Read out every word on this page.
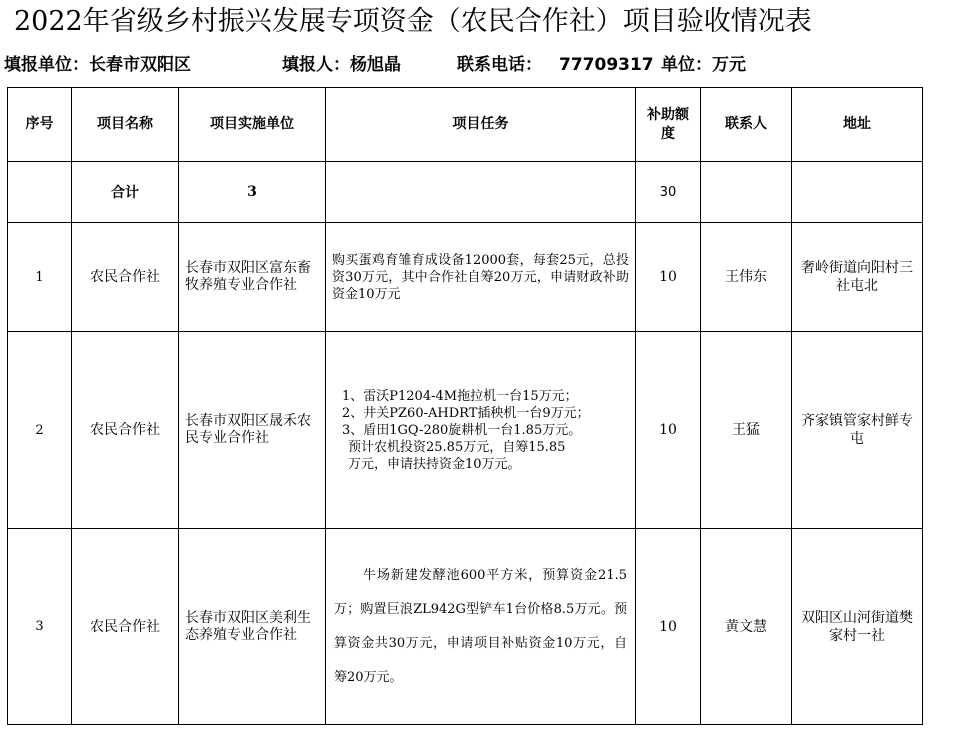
2022年省级乡村振兴发展专项资金（农民合作社）项目验收情况表
填报单位：长春市双阳区	填报人：杨旭晶	联系电话： 77709317 单位：万元
序号	项目名称	项目实施单位	项目任务	补助额度	联系人	地址
	合计	3		30		
1	农民合作社	长春市双阳区富东畜牧养殖专业合作社	购买蛋鸡育雏育成设备12000套，每套25元，总投资30万元，其中合作社自筹20万元，申请财政补助资金10万元	10	王伟东	奢岭街道向阳村三社屯北
2	农民合作社	长春市双阳区晟禾农民专业合作社	1、雷沃P1204-4M拖拉机一台15万元；
2、井关PZ60-AHDRT插秧机一台9万元；
3、盾田1GQ-280旋耕机一台1.85万元。
预计农机投资25.85万元，自筹15.85
万元，申请扶持资金10万元。	10	王猛	齐家镇管家村鲜专屯
3	农民合作社	长春市双阳区美利生态养殖专业合作社	牛场新建发酵池600平方米，预算资金21.5万；购置巨浪ZL942G型铲车1台价格8.5万元。预算资金共30万元，申请项目补贴资金10万元，自筹20万元。	10	黄文慧	双阳区山河街道樊家村一社
